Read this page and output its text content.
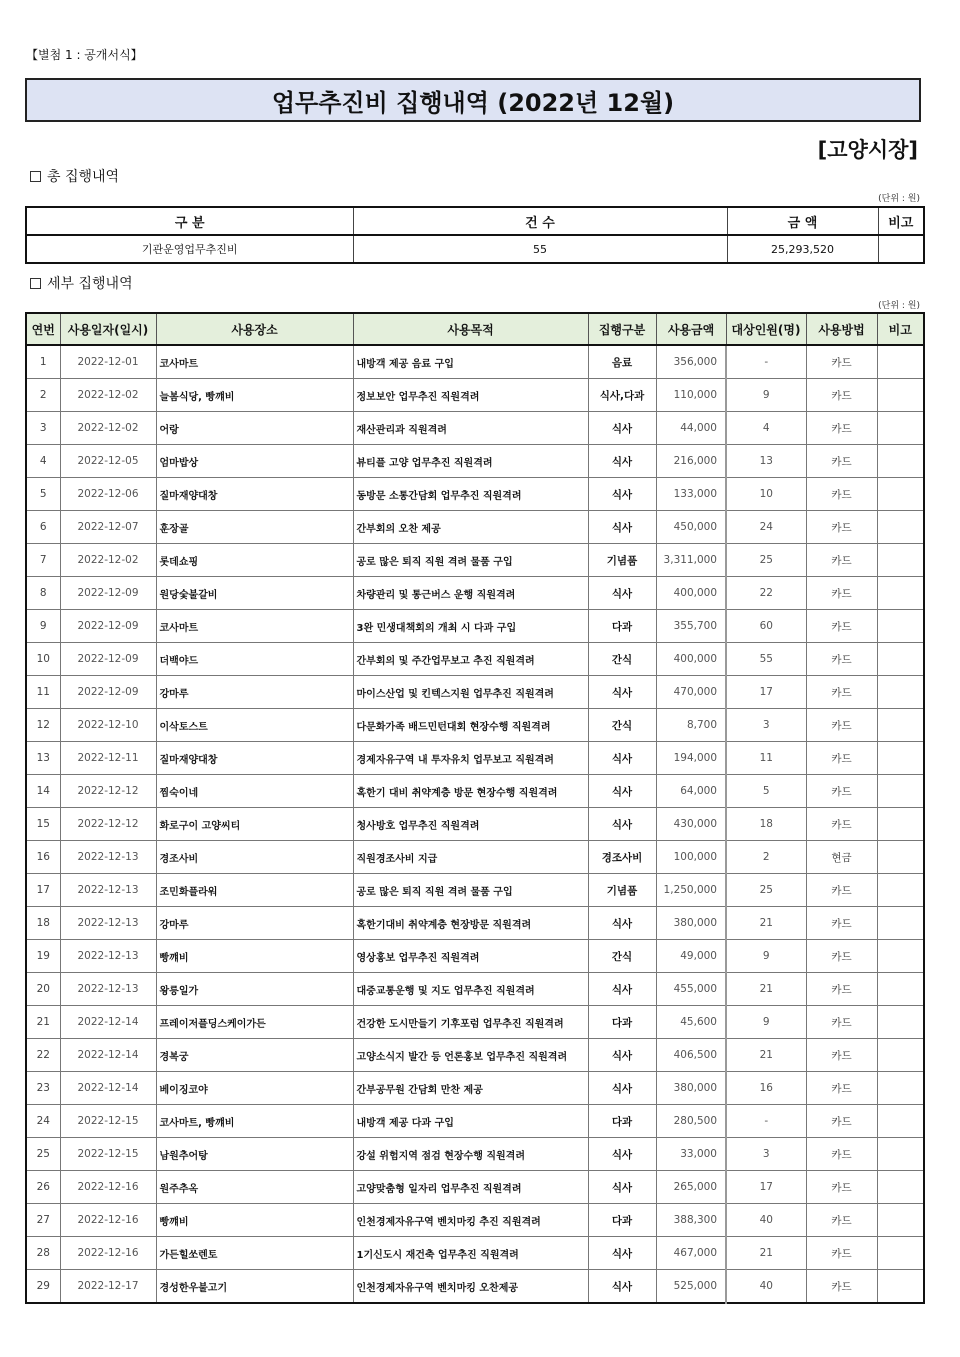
【별첨 1 : 공개서식】
업무추진비 집행내역 (2022년 12월)
[고양시장]
총 집행내역
(단위 : 원)
구 분	건 수	금 액	비고
기관운영업무추진비	55	25,293,520	
세부 집행내역
(단위 : 원)
연번	사용일자(일시)	사용장소	사용목적	집행구분	사용금액	대상인원(명)	사용방법	비고
1	2022-12-01	코사마트	내방객 제공 음료 구입	음료	356,000	-	카드	
2	2022-12-02	늘봄식당, 빵꺠비	정보보안 업무추진 직원격려	식사,다과	110,000	9	카드	
3	2022-12-02	어랑	재산관리과 직원격려	식사	44,000	4	카드	
4	2022-12-05	엄마밥상	뷰티플 고양 업무추진 직원격려	식사	216,000	13	카드	
5	2022-12-06	질마재양대창	동방문 소통간담회 업무추진 직원격려	식사	133,000	10	카드	
6	2022-12-07	훈장골	간부회의 오찬 제공	식사	450,000	24	카드	
7	2022-12-02	롯데쇼핑	공로 많은 퇴직 직원 격려 물품 구입	기념품	3,311,000	25	카드	
8	2022-12-09	원당숯불갈비	차량관리 및 통근버스 운행 직원격려	식사	400,000	22	카드	
9	2022-12-09	코사마트	3완 민생대책회의 개최 시 다과 구입	다과	355,700	60	카드	
10	2022-12-09	더백야드	간부회의 및 주간업무보고 추진 직원격려	간식	400,000	55	카드	
11	2022-12-09	강마루	마이스산업 및 킨텍스지원 업무추진 직원격려	식사	470,000	17	카드	
12	2022-12-10	이삭토스트	다문화가족 배드민턴대회 현장수행 직원격려	간식	8,700	3	카드	
13	2022-12-11	질마재양대창	경제자유구역 내 투자유치 업무보고 직원격려	식사	194,000	11	카드	
14	2022-12-12	찜숙이네	혹한기 대비 취약계층 방문 현장수행 직원격려	식사	64,000	5	카드	
15	2022-12-12	화로구이 고양씨티	청사방호 업무추진 직원격려	식사	430,000	18	카드	
16	2022-12-13	경조사비	직원경조사비 지급	경조사비	100,000	2	현금	
17	2022-12-13	조민화플라워	공로 많은 퇴직 직원 격려 물품 구입	기념품	1,250,000	25	카드	
18	2022-12-13	강마루	혹한기대비 취약계층 현장방문 직원격려	식사	380,000	21	카드	
19	2022-12-13	빵꺠비	영상홍보 업무추진 직원격려	간식	49,000	9	카드	
20	2022-12-13	왕릉일가	대중교통운행 및 지도 업무추진 직원격려	식사	455,000	21	카드	
21	2022-12-14	프레이저플딩스케이가든	건강한 도시만들기 기후포럼 업무추진 직원격려	다과	45,600	9	카드	
22	2022-12-14	경복궁	고양소식지 발간 등 언론홍보 업무추진 직원격려	식사	406,500	21	카드	
23	2022-12-14	베이징코야	간부공무원 간담회 만찬 제공	식사	380,000	16	카드	
24	2022-12-15	코사마트, 빵꺠비	내방객 제공 다과 구입	다과	280,500	-	카드	
25	2022-12-15	남원추어탕	강설 위험지역 점검 현장수행 직원격려	식사	33,000	3	카드	
26	2022-12-16	원주추옥	고양맞춤형 일자리 업무추진 직원격려	식사	265,000	17	카드	
27	2022-12-16	빵꺠비	인천경제자유구역 벤치마킹 추진 직원격려	다과	388,300	40	카드	
28	2022-12-16	가든힐쏘렌토	1기신도시 재건축 업무추진 직원격려	식사	467,000	21	카드	
29	2022-12-17	경성한우불고기	인천경제자유구역 벤치마킹 오찬제공	식사	525,000	40	카드	
